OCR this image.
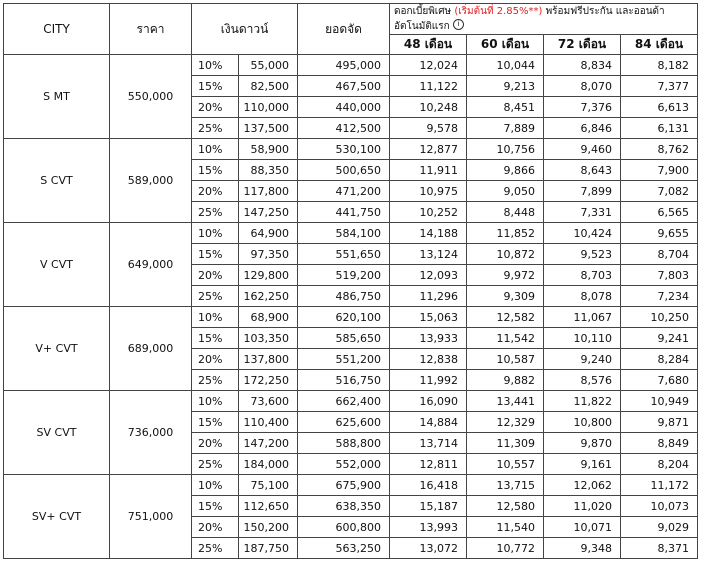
CITY	ราคา	เงินดาวน์		ยอดจัด	ดอกเบี้ยพิเศษ (เริ่มต้นที่ 2.85%**) พร้อมฟรีประกัน และออนด้า อัตโนมัติแรก i			
					48 เดือน	60 เดือน	72 เดือน	84 เดือน
S MT	550,000	10%	55,000	495,000	12,024	10,044	8,834	8,182
		15%	82,500	467,500	11,122	9,213	8,070	7,377
		20%	110,000	440,000	10,248	8,451	7,376	6,613
		25%	137,500	412,500	9,578	7,889	6,846	6,131
S CVT	589,000	10%	58,900	530,100	12,877	10,756	9,460	8,762
		15%	88,350	500,650	11,911	9,866	8,643	7,900
		20%	117,800	471,200	10,975	9,050	7,899	7,082
		25%	147,250	441,750	10,252	8,448	7,331	6,565
V CVT	649,000	10%	64,900	584,100	14,188	11,852	10,424	9,655
		15%	97,350	551,650	13,124	10,872	9,523	8,704
		20%	129,800	519,200	12,093	9,972	8,703	7,803
		25%	162,250	486,750	11,296	9,309	8,078	7,234
V+ CVT	689,000	10%	68,900	620,100	15,063	12,582	11,067	10,250
		15%	103,350	585,650	13,933	11,542	10,110	9,241
		20%	137,800	551,200	12,838	10,587	9,240	8,284
		25%	172,250	516,750	11,992	9,882	8,576	7,680
SV CVT	736,000	10%	73,600	662,400	16,090	13,441	11,822	10,949
		15%	110,400	625,600	14,884	12,329	10,800	9,871
		20%	147,200	588,800	13,714	11,309	9,870	8,849
		25%	184,000	552,000	12,811	10,557	9,161	8,204
SV+ CVT	751,000	10%	75,100	675,900	16,418	13,715	12,062	11,172
		15%	112,650	638,350	15,187	12,580	11,020	10,073
		20%	150,200	600,800	13,993	11,540	10,071	9,029
		25%	187,750	563,250	13,072	10,772	9,348	8,371
